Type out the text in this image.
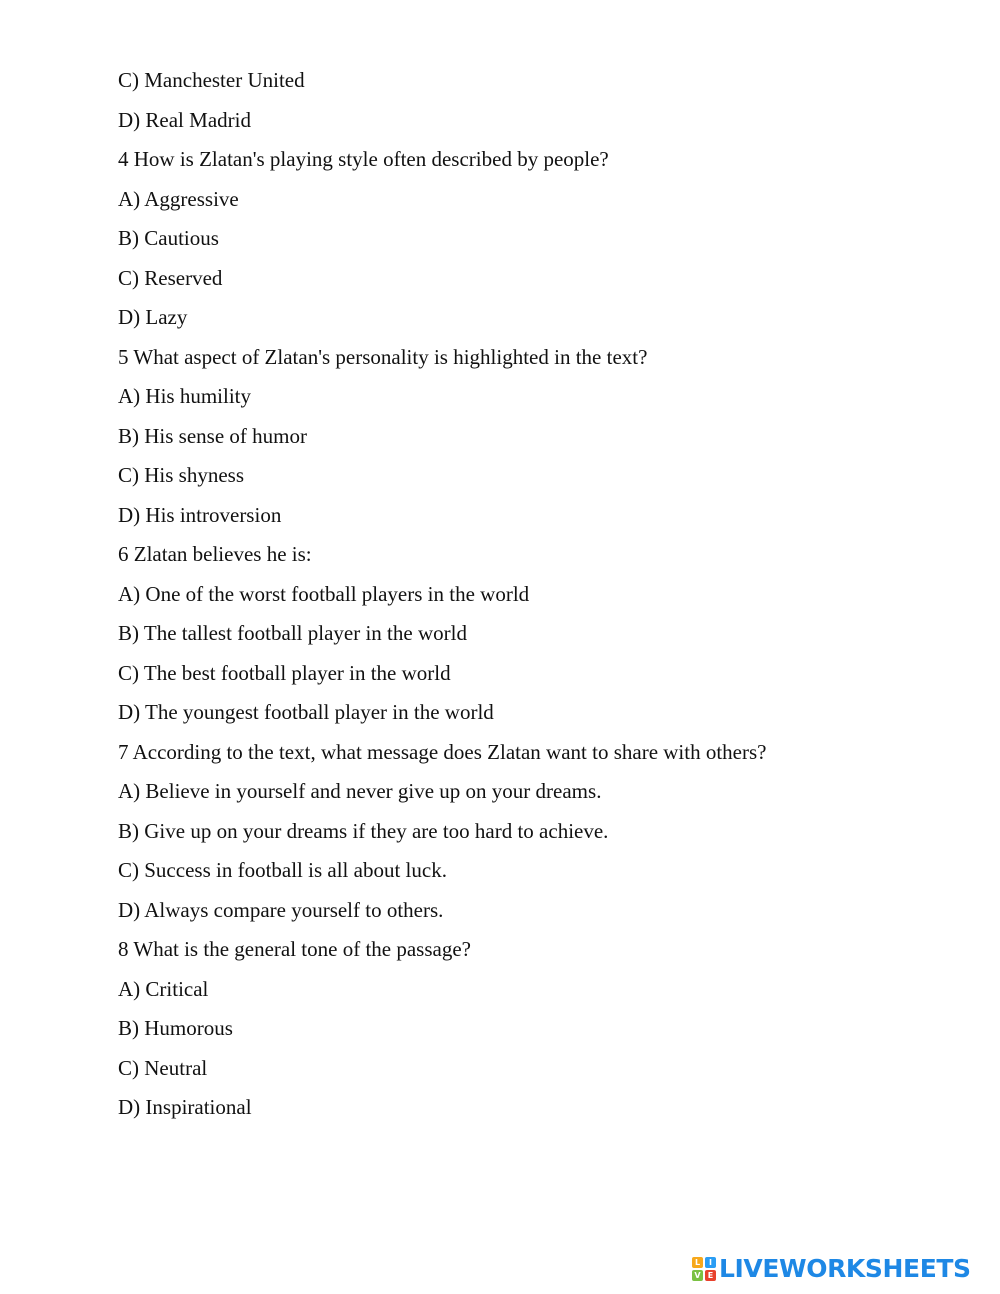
C) Manchester United
D) Real Madrid
4 How is Zlatan's playing style often described by people?
A) Aggressive
B) Cautious
C) Reserved
D) Lazy
5 What aspect of Zlatan's personality is highlighted in the text?
A) His humility
B) His sense of humor
C) His shyness
D) His introversion
6 Zlatan believes he is:
A) One of the worst football players in the world
B) The tallest football player in the world
C) The best football player in the world
D) The youngest football player in the world
7 According to the text, what message does Zlatan want to share with others?
A) Believe in yourself and never give up on your dreams.
B) Give up on your dreams if they are too hard to achieve.
C) Success in football is all about luck.
D) Always compare yourself to others.
8 What is the general tone of the passage?
A) Critical
B) Humorous
C) Neutral
D) Inspirational
L	I
V E LIVEWORKSHEETS
